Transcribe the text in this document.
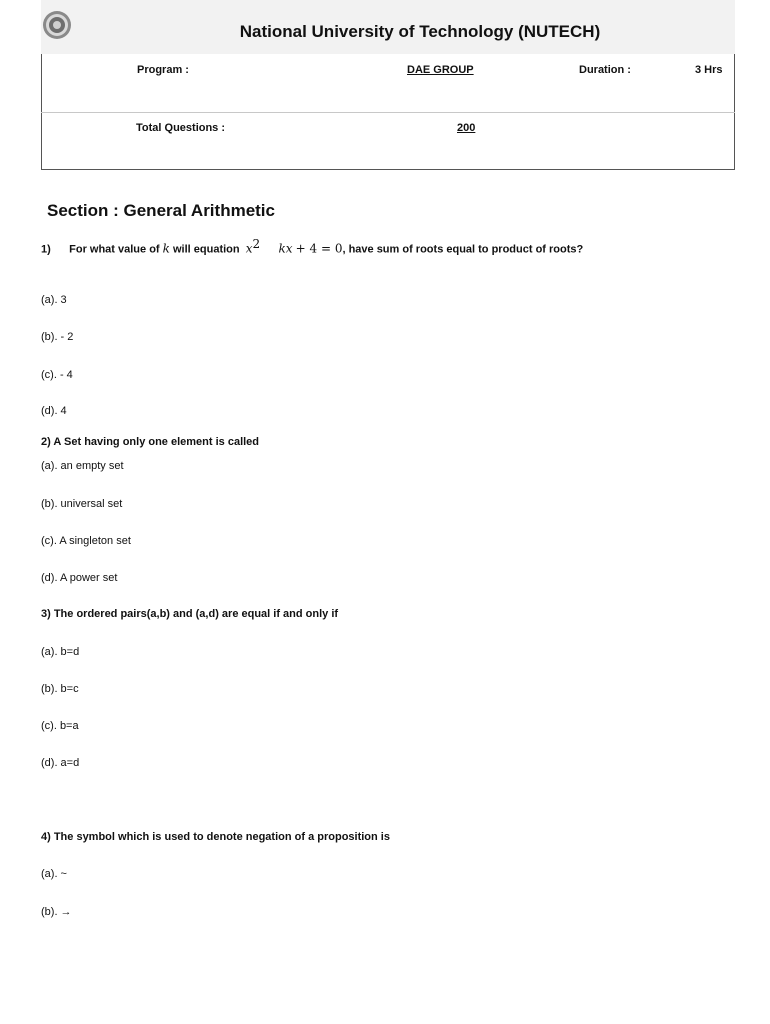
National University of Technology (NUTECH)
Program :	DAE GROUP	Duration :	3 Hrs
Total Questions :	200
Section : General Arithmetic
1) For what value of k will equation $x^2$ kx + 4 = 0, have sum of roots equal to product of roots?
(a). 3
(b). - 2
(c). - 4
(d). 4
2) A Set having only one element is called
(a). an empty set
(b). universal set
(c). A singleton set
(d). A power set
3) The ordered pairs(a,b) and (a,d) are equal if and only if
(a). b=d
(b). b=c
(c). b=a
(d). a=d
4) The symbol which is used to denote negation of a proposition is
(a). ~
(b). →
